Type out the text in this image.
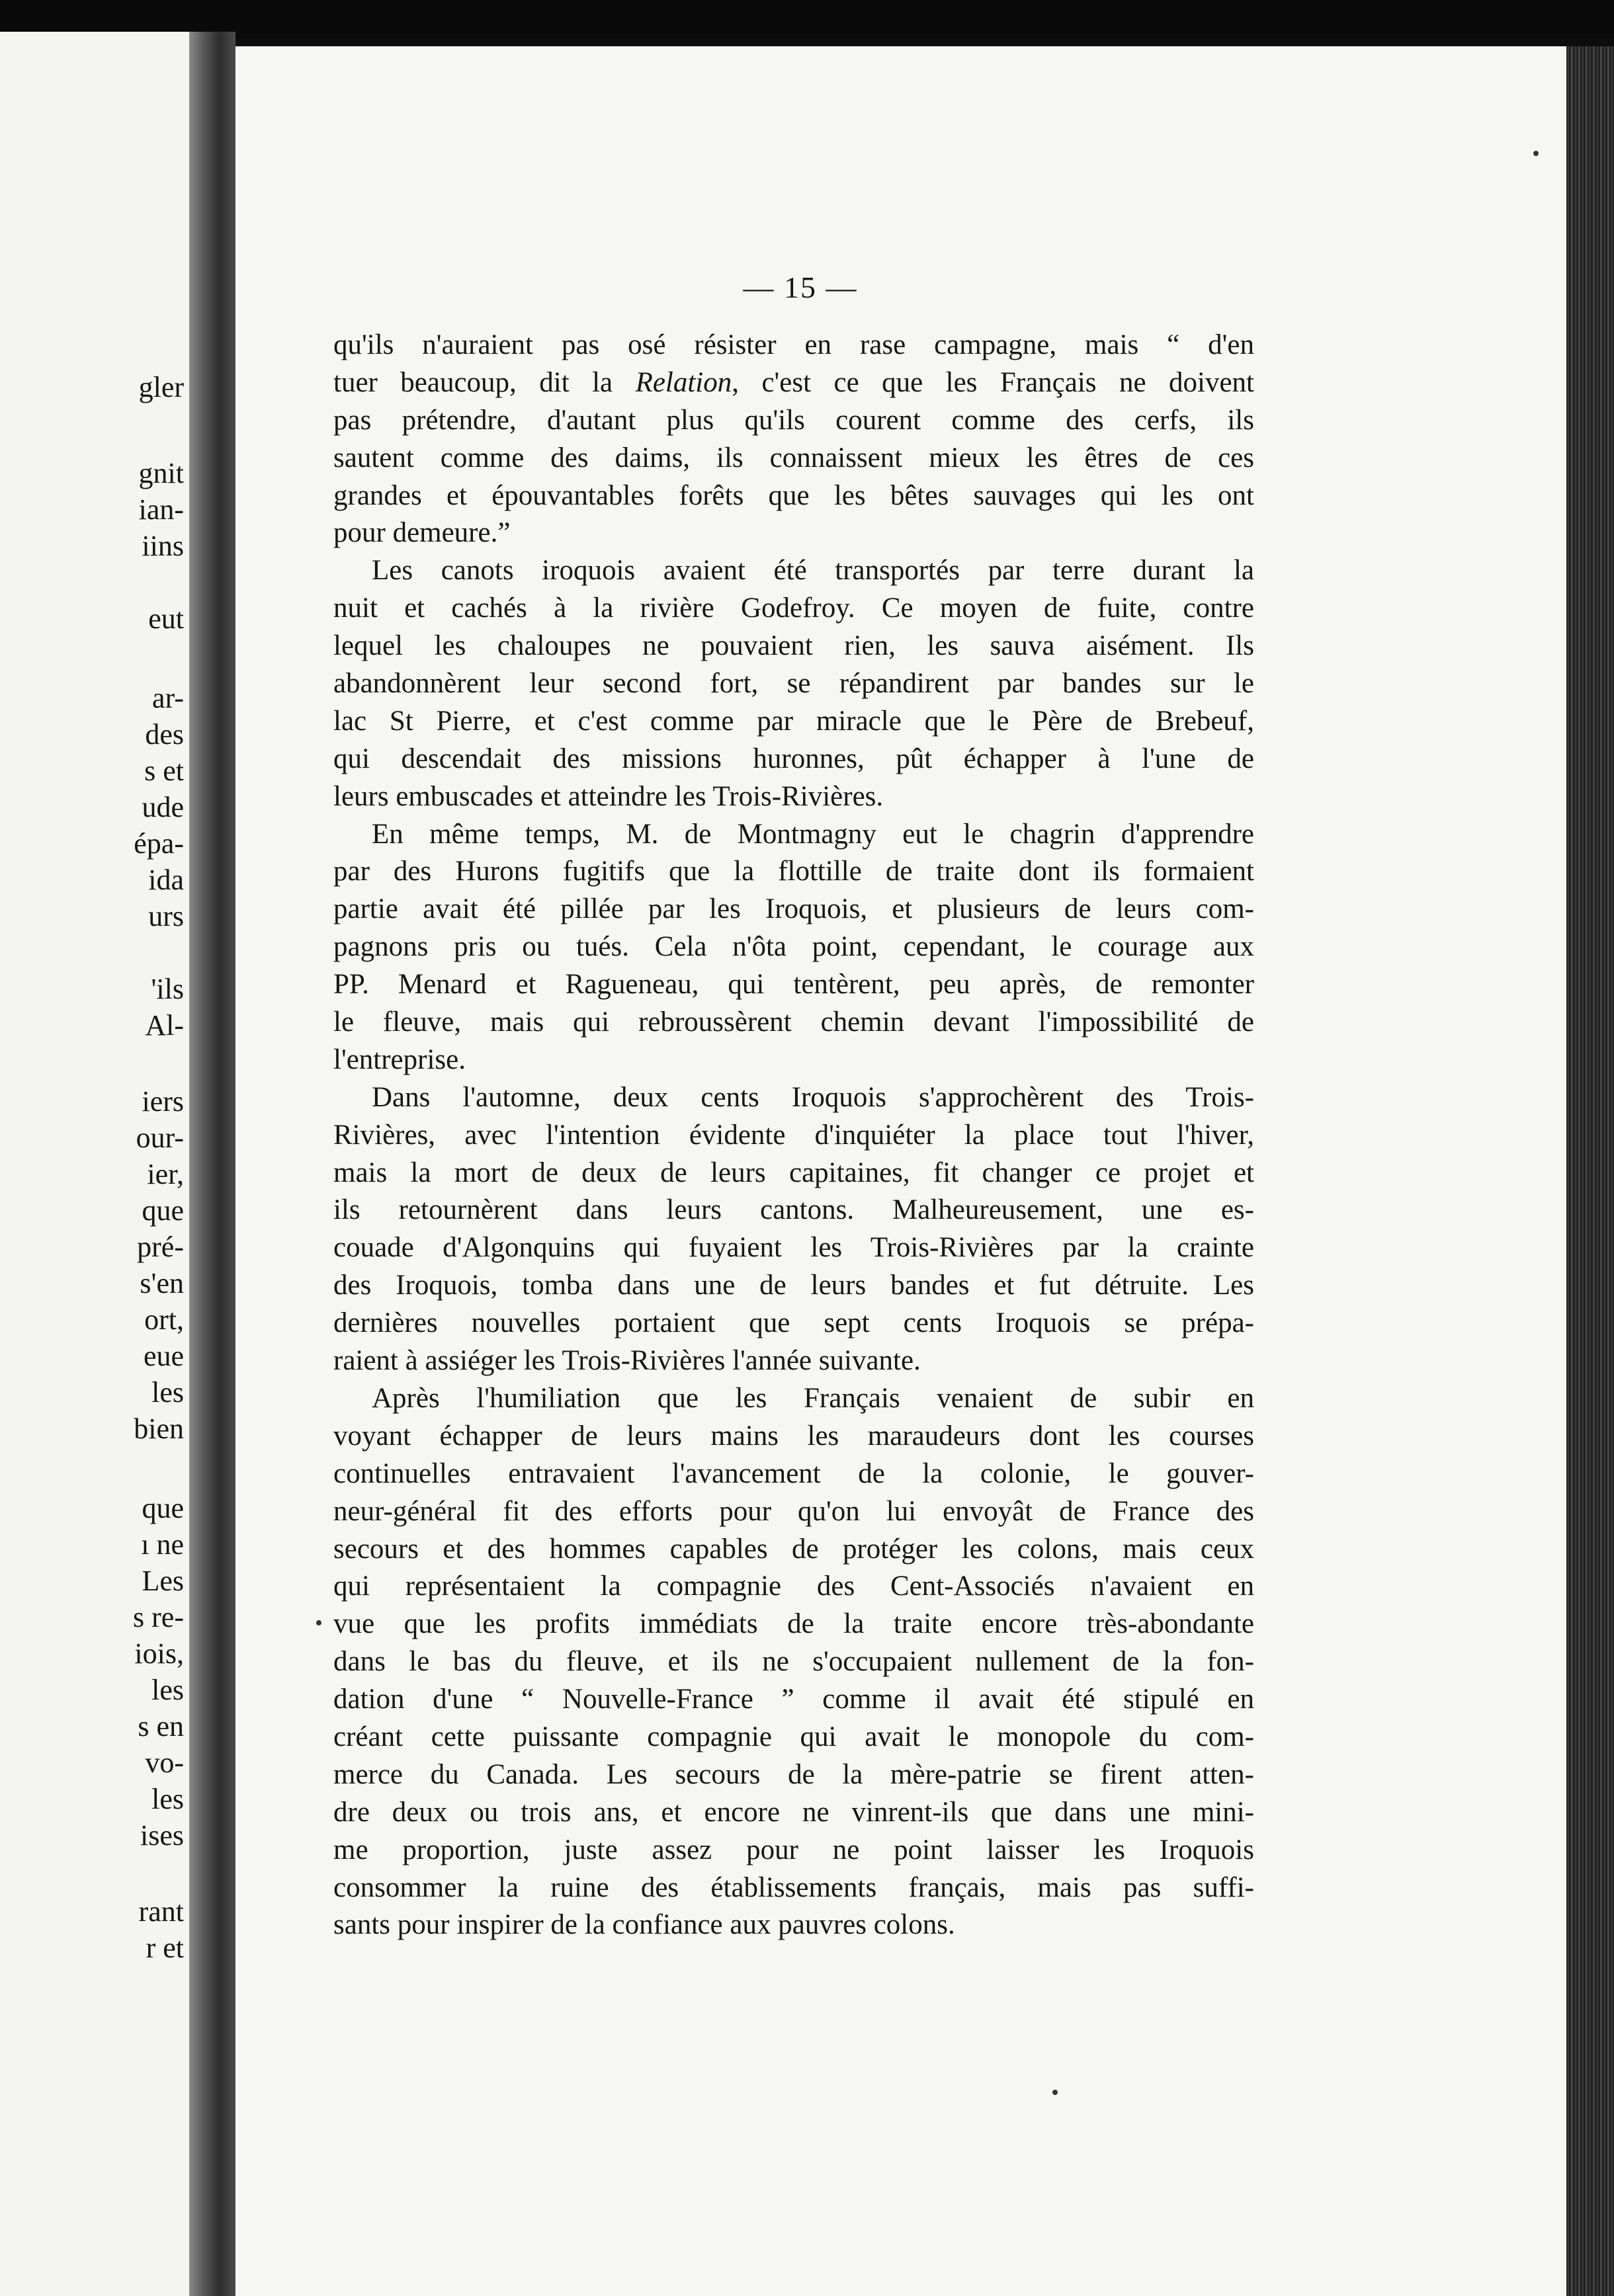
gler
gnit
ian-
iins
eut
ar-
des
s et
ude
épa-
ida
urs
'ils
Al-
iers
our-
ier,
que
pré-
s'en
ort,
eue
les
bien
que
ı ne
Les
s re-
iois,
les
s en
vo-
les
ises
rant
r et
— 15 —
qu'ils n'auraient pas osé résister en rase campagne, mais “ d'en
tuer beaucoup, dit la Relation, c'est ce que les Français ne doivent
pas prétendre, d'autant plus qu'ils courent comme des cerfs, ils
sautent comme des daims, ils connaissent mieux les êtres de ces
grandes et épouvantables forêts que les bêtes sauvages qui les ont
pour demeure.”
Les canots iroquois avaient été transportés par terre durant la
nuit et cachés à la rivière Godefroy. Ce moyen de fuite, contre
lequel les chaloupes ne pouvaient rien, les sauva aisément. Ils
abandonnèrent leur second fort, se répandirent par bandes sur le
lac St Pierre, et c'est comme par miracle que le Père de Brebeuf,
qui descendait des missions huronnes, pût échapper à l'une de
leurs embuscades et atteindre les Trois-Rivières.
En même temps, M. de Montmagny eut le chagrin d'apprendre
par des Hurons fugitifs que la flottille de traite dont ils formaient
partie avait été pillée par les Iroquois, et plusieurs de leurs com-
pagnons pris ou tués. Cela n'ôta point, cependant, le courage aux
PP. Menard et Ragueneau, qui tentèrent, peu après, de remonter
le fleuve, mais qui rebroussèrent chemin devant l'impossibilité de
l'entreprise.
Dans l'automne, deux cents Iroquois s'approchèrent des Trois-
Rivières, avec l'intention évidente d'inquiéter la place tout l'hiver,
mais la mort de deux de leurs capitaines, fit changer ce projet et
ils retournèrent dans leurs cantons. Malheureusement, une es-
couade d'Algonquins qui fuyaient les Trois-Rivières par la crainte
des Iroquois, tomba dans une de leurs bandes et fut détruite. Les
dernières nouvelles portaient que sept cents Iroquois se prépa-
raient à assiéger les Trois-Rivières l'année suivante.
Après l'humiliation que les Français venaient de subir en
voyant échapper de leurs mains les maraudeurs dont les courses
continuelles entravaient l'avancement de la colonie, le gouver-
neur-général fit des efforts pour qu'on lui envoyât de France des
secours et des hommes capables de protéger les colons, mais ceux
qui représentaient la compagnie des Cent-Associés n'avaient en
vue que les profits immédiats de la traite encore très-abondante
dans le bas du fleuve, et ils ne s'occupaient nullement de la fon-
dation d'une “ Nouvelle-France ” comme il avait été stipulé en
créant cette puissante compagnie qui avait le monopole du com-
merce du Canada. Les secours de la mère-patrie se firent atten-
dre deux ou trois ans, et encore ne vinrent-ils que dans une mini-
me proportion, juste assez pour ne point laisser les Iroquois
consommer la ruine des établissements français, mais pas suffi-
sants pour inspirer de la confiance aux pauvres colons.
